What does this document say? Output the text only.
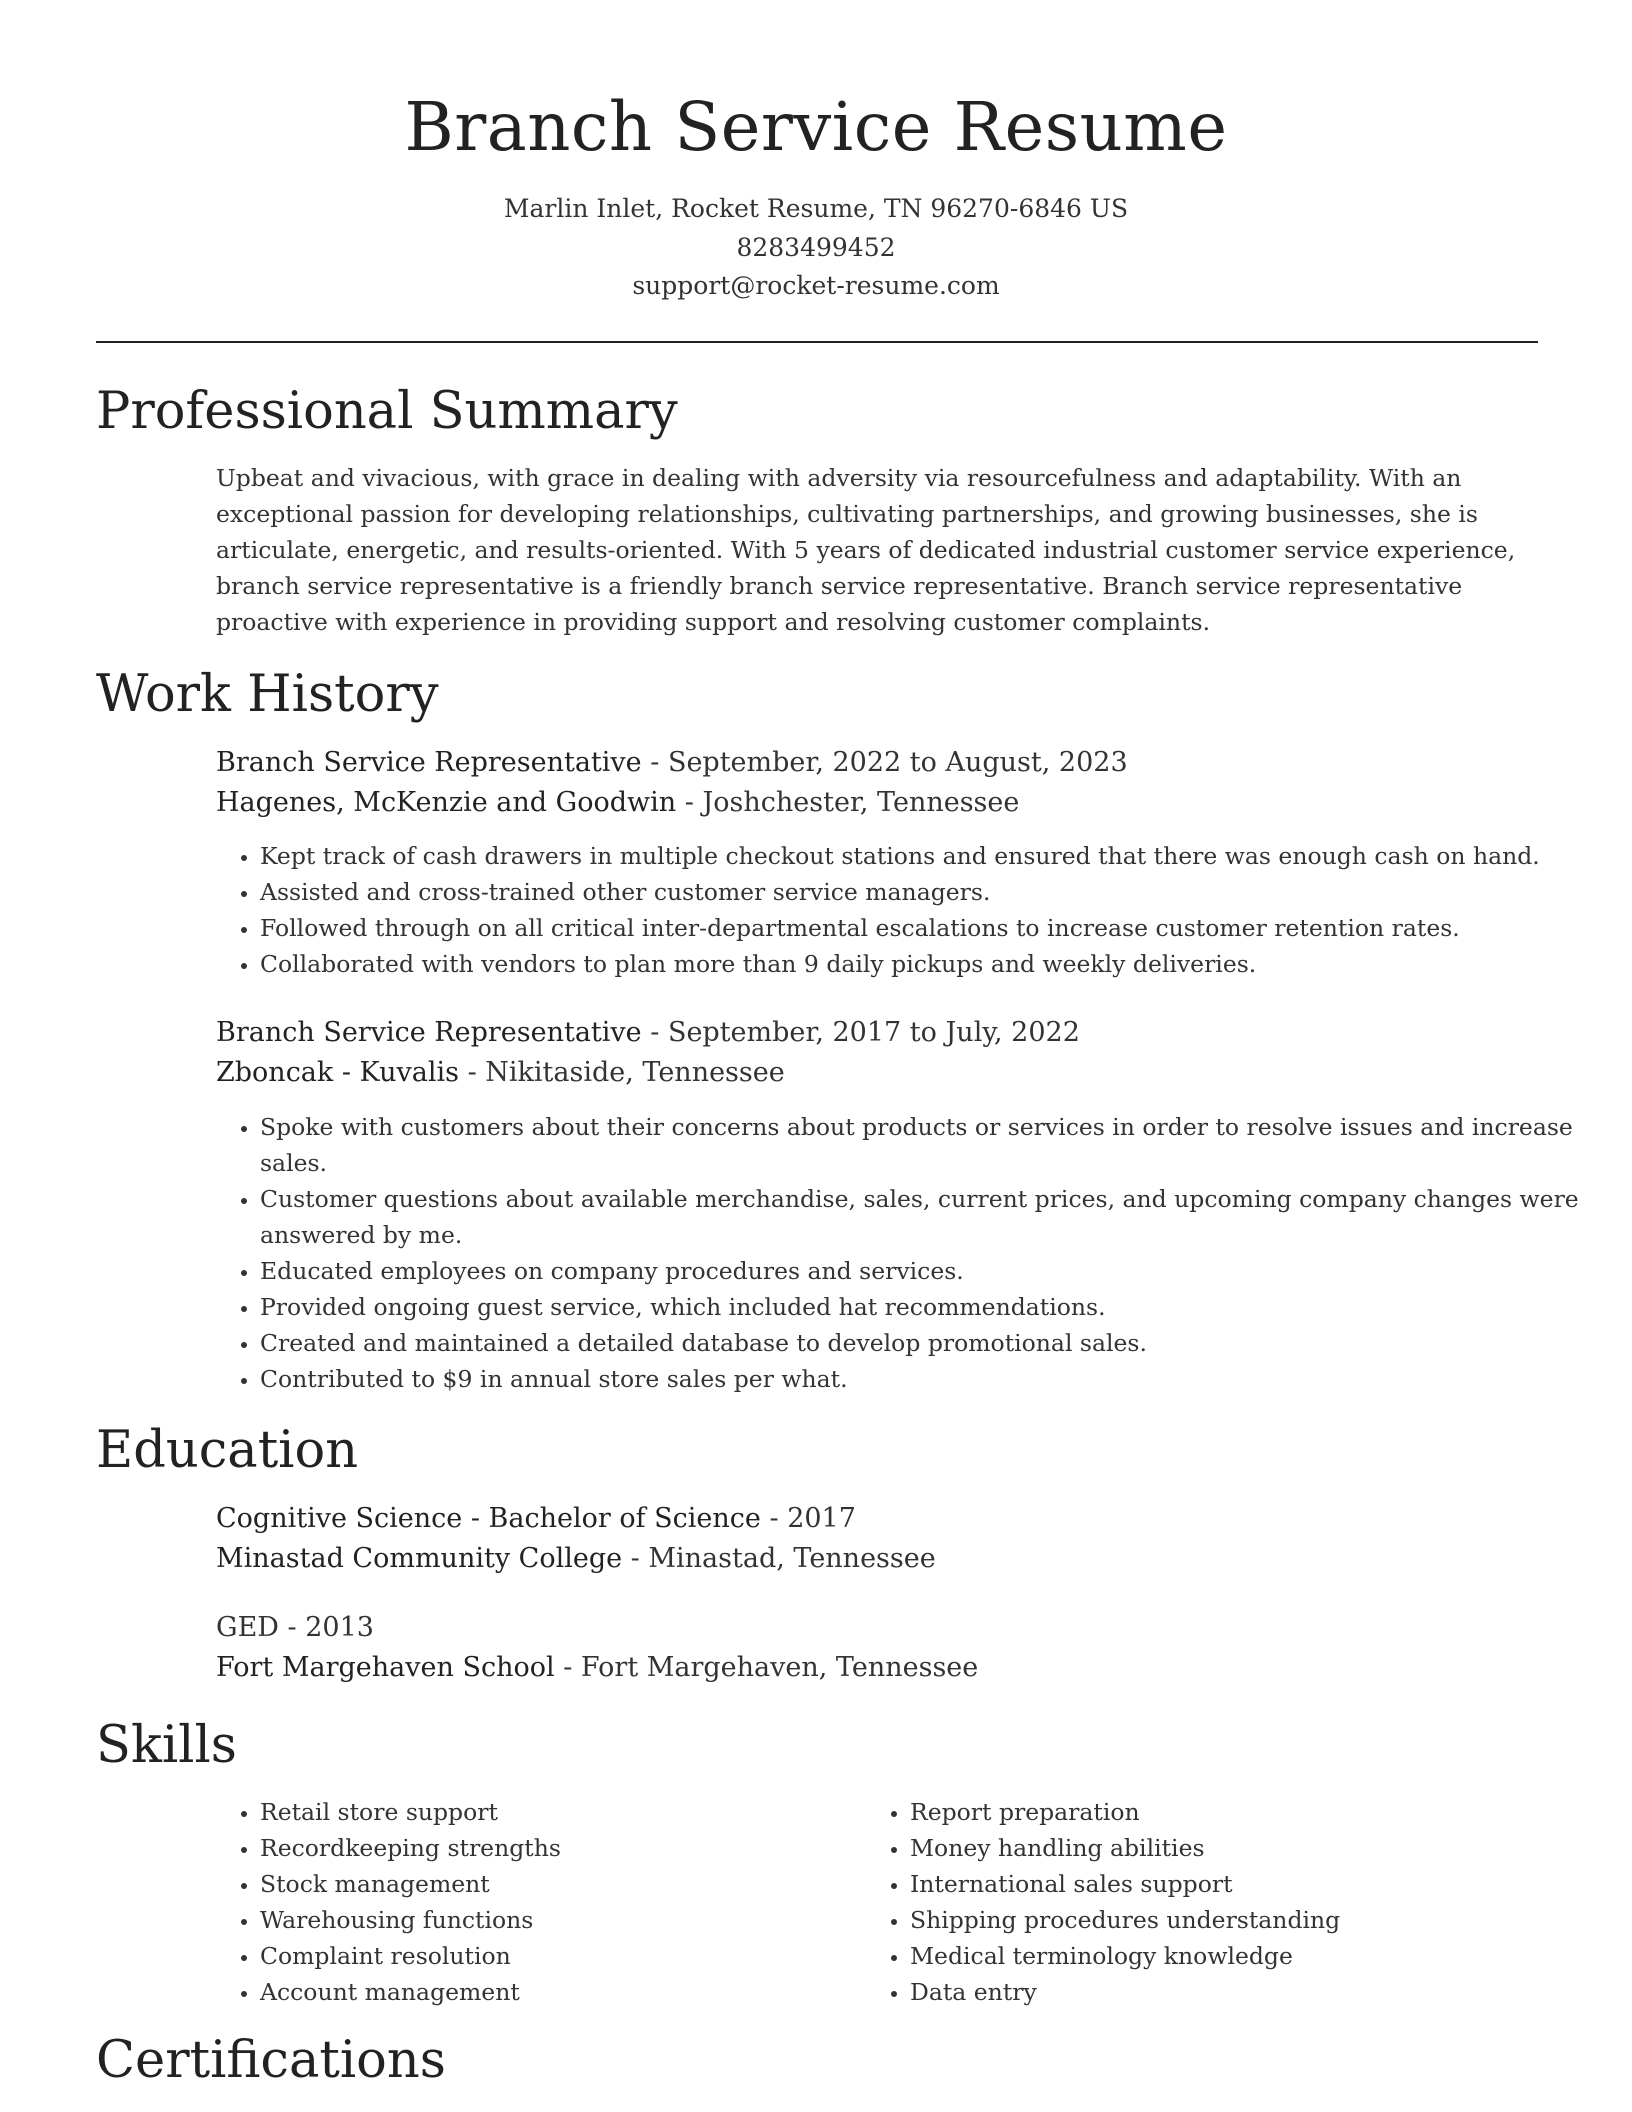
Branch Service Resume
Marlin Inlet, Rocket Resume, TN 96270-6846 US
8283499452
support@rocket-resume.com
Professional Summary

Upbeat and vivacious, with grace in dealing with adversity via resourcefulness and adaptability. With an exceptional passion for developing relationships, cultivating partnerships, and growing businesses, she is articulate, energetic, and results-oriented. With 5 years of dedicated industrial customer service experience, branch service representative is a friendly branch service representative. Branch service representative proactive with experience in providing support and resolving customer complaints.

Work History
Branch Service Representative - September, 2022 to August, 2023
Hagenes, McKenzie and Goodwin - Joshchester, Tennessee
• Kept track of cash drawers in multiple checkout stations and ensured that there was enough cash on hand.
• Assisted and cross-trained other customer service managers.
• Followed through on all critical inter-departmental escalations to increase customer retention rates.
• Collaborated with vendors to plan more than 9 daily pickups and weekly deliveries.
Branch Service Representative - September, 2017 to July, 2022
Zboncak - Kuvalis - Nikitaside, Tennessee
• Spoke with customers about their concerns about products or services in order to resolve issues and increase sales.
• Customer questions about available merchandise, sales, current prices, and upcoming company changes were answered by me.
• Educated employees on company procedures and services.
• Provided ongoing guest service, which included hat recommendations.
• Created and maintained a detailed database to develop promotional sales.
• Contributed to $9 in annual store sales per what.
Education
Cognitive Science - Bachelor of Science - 2017
Minastad Community College - Minastad, Tennessee
GED - 2013
Fort Margehaven School - Fort Margehaven, Tennessee
Skills
• Retail store support
• Recordkeeping strengths
• Stock management
• Warehousing functions
• Complaint resolution
• Account management
• Report preparation
• Money handling abilities
• International sales support
• Shipping procedures understanding
• Medical terminology knowledge
• Data entry
Certifications
